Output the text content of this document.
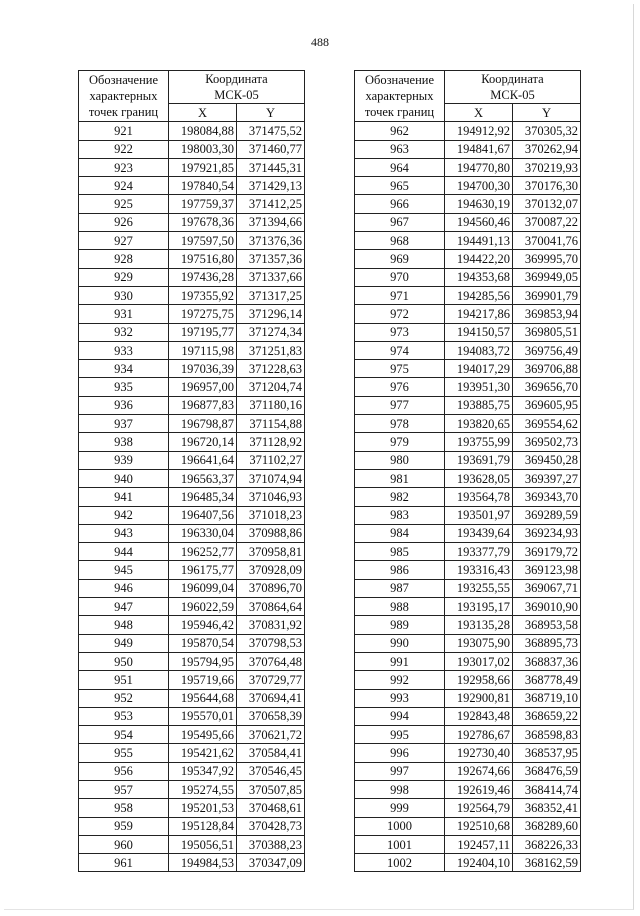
488
Обозначение
характерных
точек границ	Координата
МСК-05	

	X	Y
921	198084,88	371475,52
922	198003,30	371460,77
923	197921,85	371445,31
924	197840,54	371429,13
925	197759,37	371412,25
926	197678,36	371394,66
927	197597,50	371376,36
928	197516,80	371357,36
929	197436,28	371337,66
930	197355,92	371317,25
931	197275,75	371296,14
932	197195,77	371274,34
933	197115,98	371251,83
934	197036,39	371228,63
935	196957,00	371204,74
936	196877,83	371180,16
937	196798,87	371154,88
938	196720,14	371128,92
939	196641,64	371102,27
940	196563,37	371074,94
941	196485,34	371046,93
942	196407,56	371018,23
943	196330,04	370988,86
944	196252,77	370958,81
945	196175,77	370928,09
946	196099,04	370896,70
947	196022,59	370864,64
948	195946,42	370831,92
949	195870,54	370798,53
950	195794,95	370764,48
951	195719,66	370729,77
952	195644,68	370694,41
953	195570,01	370658,39
954	195495,66	370621,72
955	195421,62	370584,41
956	195347,92	370546,45
957	195274,55	370507,85
958	195201,53	370468,61
959	195128,84	370428,73
960	195056,51	370388,23
961	194984,53	370347,09
Обозначение
характерных
точек границ	Координата
МСК-05	

	X	Y
962	194912,92	370305,32
963	194841,67	370262,94
964	194770,80	370219,93
965	194700,30	370176,30
966	194630,19	370132,07
967	194560,46	370087,22
968	194491,13	370041,76
969	194422,20	369995,70
970	194353,68	369949,05
971	194285,56	369901,79
972	194217,86	369853,94
973	194150,57	369805,51
974	194083,72	369756,49
975	194017,29	369706,88
976	193951,30	369656,70
977	193885,75	369605,95
978	193820,65	369554,62
979	193755,99	369502,73
980	193691,79	369450,28
981	193628,05	369397,27
982	193564,78	369343,70
983	193501,97	369289,59
984	193439,64	369234,93
985	193377,79	369179,72
986	193316,43	369123,98
987	193255,55	369067,71
988	193195,17	369010,90
989	193135,28	368953,58
990	193075,90	368895,73
991	193017,02	368837,36
992	192958,66	368778,49
993	192900,81	368719,10
994	192843,48	368659,22
995	192786,67	368598,83
996	192730,40	368537,95
997	192674,66	368476,59
998	192619,46	368414,74
999	192564,79	368352,41
1000	192510,68	368289,60
1001	192457,11	368226,33
1002	192404,10	368162,59
